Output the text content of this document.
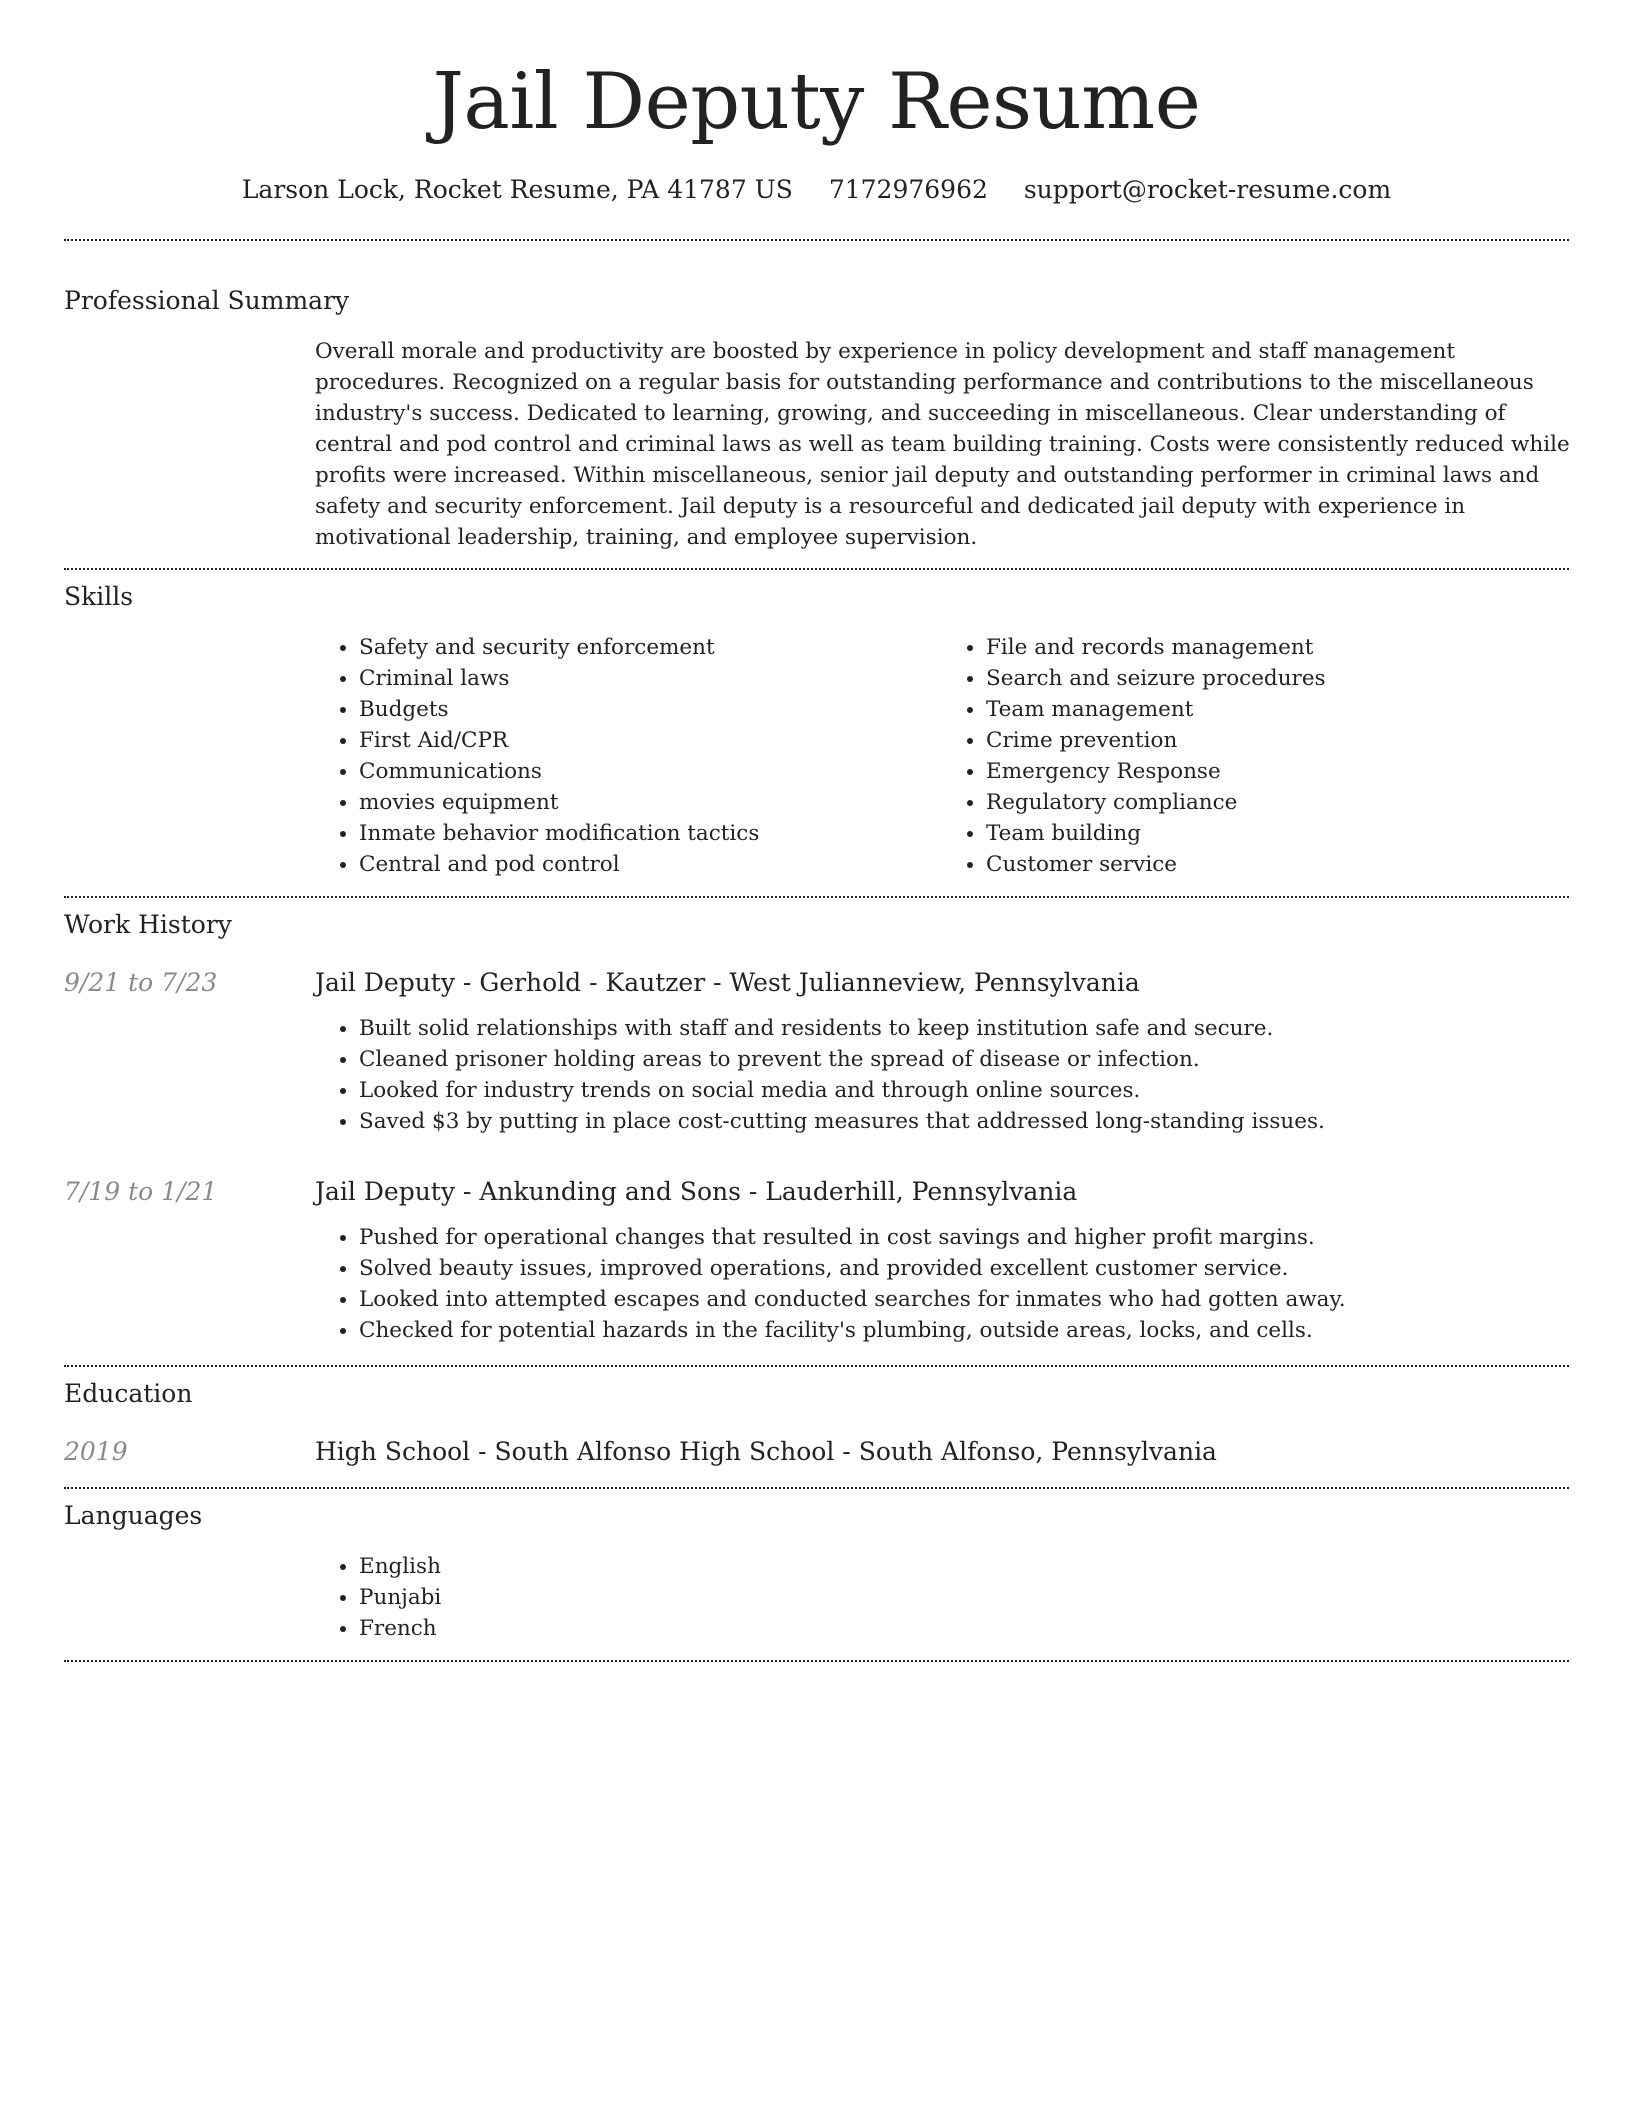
Jail Deputy Resume
Larson Lock, Rocket Resume, PA 41787 US 7172976962 support@rocket-resume.com
Professional Summary

Overall morale and productivity are boosted by experience in policy development and staff management procedures. Recognized on a regular basis for outstanding performance and contributions to the miscellaneous industry's success. Dedicated to learning, growing, and succeeding in miscellaneous. Clear understanding of central and pod control and criminal laws as well as team building training. Costs were consistently reduced while profits were increased. Within miscellaneous, senior jail deputy and outstanding performer in criminal laws and safety and security enforcement. Jail deputy is a resourceful and dedicated jail deputy with experience in motivational leadership, training, and employee supervision.

Skills
• Safety and security enforcement
• Criminal laws
• Budgets
• First Aid/CPR
• Communications
• movies equipment
• Inmate behavior modification tactics
• Central and pod control
• File and records management
• Search and seizure procedures
• Team management
• Crime prevention
• Emergency Response
• Regulatory compliance
• Team building
• Customer service
Work History
9/21 to 7/23	Jail Deputy - Gerhold - Kautzer - West Julianneview, Pennsylvania
• Built solid relationships with staff and residents to keep institution safe and secure.
• Cleaned prisoner holding areas to prevent the spread of disease or infection.
• Looked for industry trends on social media and through online sources.
• Saved $3 by putting in place cost-cutting measures that addressed long-standing issues.
7/19 to 1/21	Jail Deputy - Ankunding and Sons - Lauderhill, Pennsylvania
• Pushed for operational changes that resulted in cost savings and higher profit margins.
• Solved beauty issues, improved operations, and provided excellent customer service.
• Looked into attempted escapes and conducted searches for inmates who had gotten away.
• Checked for potential hazards in the facility's plumbing, outside areas, locks, and cells.
Education
2019	High School - South Alfonso High School - South Alfonso, Pennsylvania
Languages
• English
• Punjabi
• French
